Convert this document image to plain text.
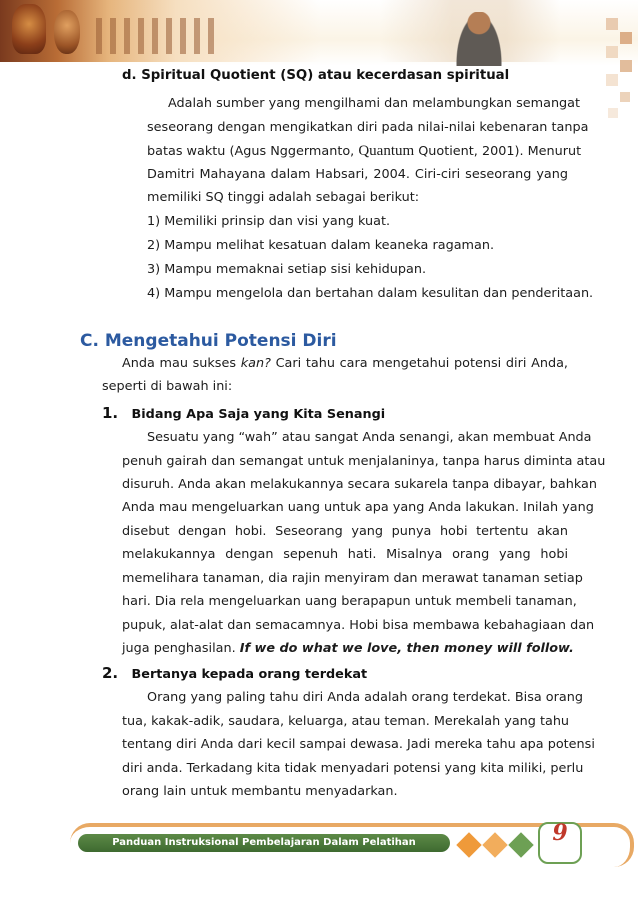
d. Spiritual Quotient (SQ) atau kecerdasan spiritual
Adalah sumber yang mengilhami dan melambungkan semangat
seseorang dengan mengikatkan diri pada nilai-nilai kebenaran tanpa
batas waktu (Agus Nggermanto, Quantum Quotient, 2001). Menurut
Damitri Mahayana dalam Habsari, 2004. Ciri-ciri seseorang yang
memiliki SQ tinggi adalah sebagai berikut:
1) Memiliki prinsip dan visi yang kuat.
2) Mampu melihat kesatuan dalam keaneka ragaman.
3) Mampu memaknai setiap sisi kehidupan.
4) Mampu mengelola dan bertahan dalam kesulitan dan penderitaan.
C. Mengetahui Potensi Diri
Anda mau sukses kan? Cari tahu cara mengetahui potensi diri Anda,
seperti di bawah ini:
1. Bidang Apa Saja yang Kita Senangi
Sesuatu yang “wah” atau sangat Anda senangi, akan membuat Anda
penuh gairah dan semangat untuk menjalaninya, tanpa harus diminta atau
disuruh. Anda akan melakukannya secara sukarela tanpa dibayar, bahkan
Anda mau mengeluarkan uang untuk apa yang Anda lakukan. Inilah yang
disebut dengan hobi. Seseorang yang punya hobi tertentu akan
melakukannya dengan sepenuh hati. Misalnya orang yang hobi
memelihara tanaman, dia rajin menyiram dan merawat tanaman setiap
hari. Dia rela mengeluarkan uang berapapun untuk membeli tanaman,
pupuk, alat-alat dan semacamnya. Hobi bisa membawa kebahagiaan dan
juga penghasilan. If we do what we love, then money will follow.
2. Bertanya kepada orang terdekat
Orang yang paling tahu diri Anda adalah orang terdekat. Bisa orang
tua, kakak-adik, saudara, keluarga, atau teman. Merekalah yang tahu
tentang diri Anda dari kecil sampai dewasa. Jadi mereka tahu apa potensi
diri anda. Terkadang kita tidak menyadari potensi yang kita miliki, perlu
orang lain untuk membantu menyadarkan.
Panduan Instruksional Pembelajaran Dalam Pelatihan Kewirausahaan Masyarakat
9
